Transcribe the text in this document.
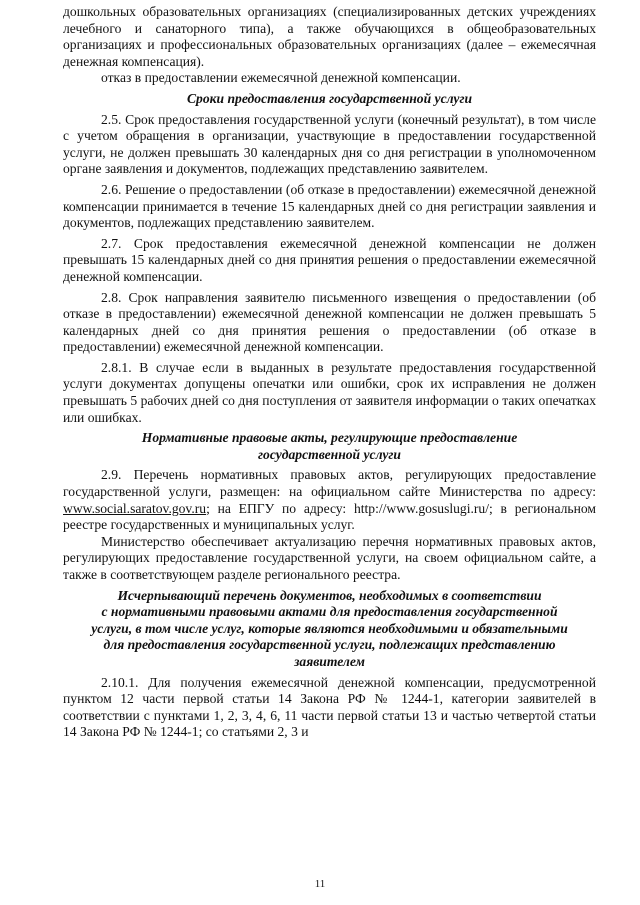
дошкольных образовательных организациях (специализированных детских учреждениях лечебного и санаторного типа), а также обучающихся в общеобразовательных организациях и профессиональных образовательных организациях (далее – ежемесячная денежная компенсация).

отказ в предоставлении ежемесячной денежной компенсации.

Сроки предоставления государственной услуги

2.5. Срок предоставления государственной услуги (конечный результат), в том числе с учетом обращения в организации, участвующие в предоставлении государственной услуги, не должен превышать 30 календарных дня со дня регистрации в уполномоченном органе заявления и документов, подлежащих представлению заявителем.

2.6. Решение о предоставлении (об отказе в предоставлении) ежемесячной денежной компенсации принимается в течение 15 календарных дней со дня регистрации заявления и документов, подлежащих представлению заявителем.

2.7. Срок предоставления ежемесячной денежной компенсации не должен превышать 15 календарных дней со дня принятия решения о предоставлении ежемесячной денежной компенсации.

2.8. Срок направления заявителю письменного извещения о предоставлении (об отказе в предоставлении) ежемесячной денежной компенсации не должен превышать 5 календарных дней со дня принятия решения о предоставлении (об отказе в предоставлении) ежемесячной денежной компенсации.

2.8.1. В случае если в выданных в результате предоставления государственной услуги документах допущены опечатки или ошибки, срок их исправления не должен превышать 5 рабочих дней со дня поступления от заявителя информации о таких опечатках или ошибках.

Нормативные правовые акты, регулирующие предоставление
государственной услуги

2.9. Перечень нормативных правовых актов, регулирующих предоставление государственной услуги, размещен: на официальном сайте Министерства по адресу: www.social.saratov.gov.ru; на ЕПГУ по адресу: http://www.gosuslugi.ru/; в региональном реестре государственных и муниципальных услуг.

Министерство обеспечивает актуализацию перечня нормативных правовых актов, регулирующих предоставление государственной услуги, на своем официальном сайте, а также в соответствующем разделе регионального реестра.

Исчерпывающий перечень документов, необходимых в соответствии
с нормативными правовыми актами для предоставления государственной
услуги, в том числе услуг, которые являются необходимыми и обязательными
для предоставления государственной услуги, подлежащих представлению
заявителем

2.10.1. Для получения ежемесячной денежной компенсации, предусмотренной пунктом 12 части первой статьи 14 Закона РФ № 1244-1, категории заявителей в соответствии с пунктами 1, 2, 3, 4, 6, 11 части первой статьи 13 и частью четвертой статьи 14 Закона РФ № 1244-1; со статьями 2, 3 и

11
